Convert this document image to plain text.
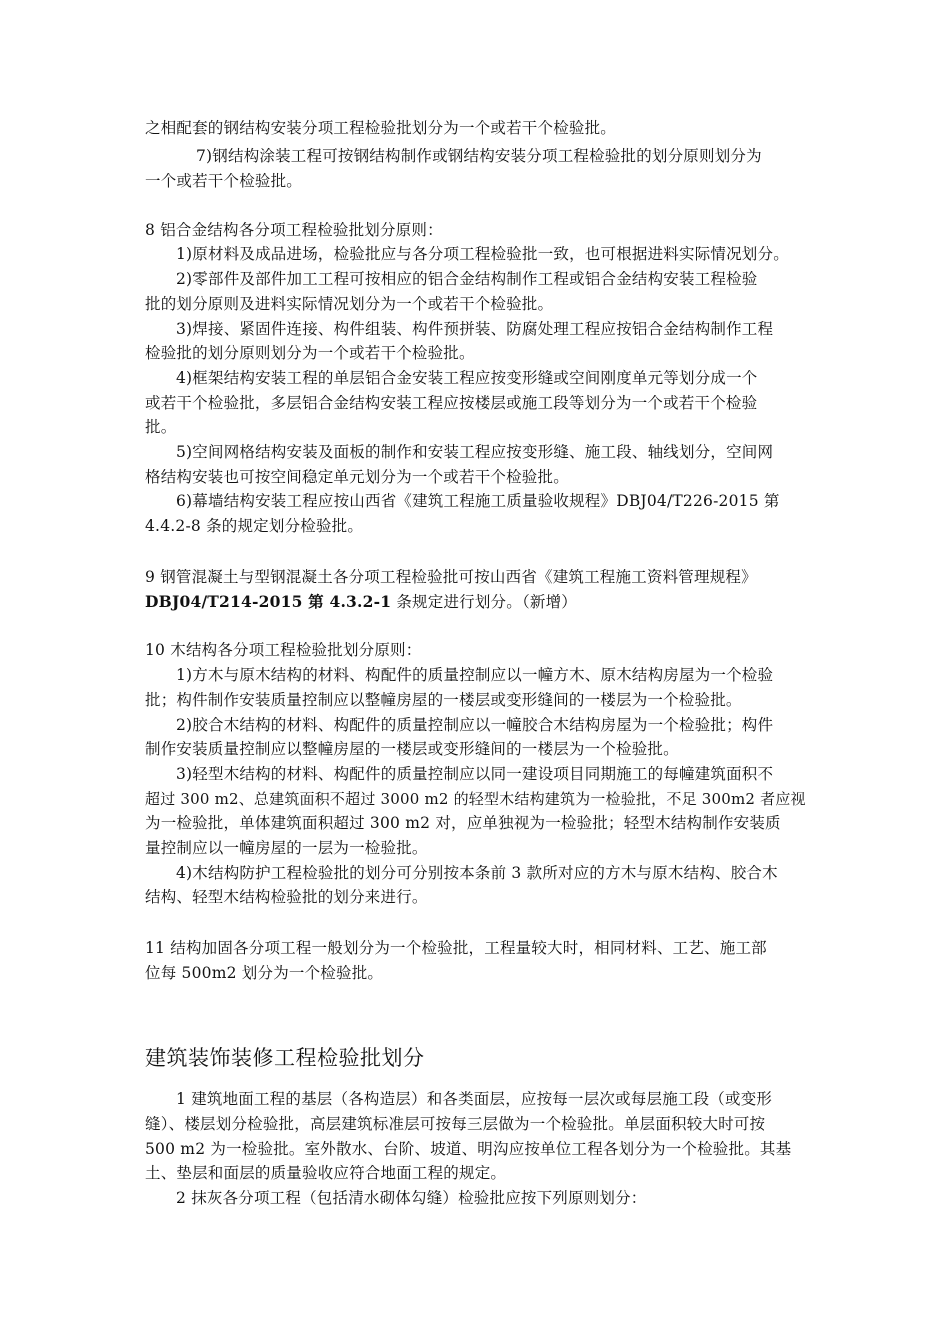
之相配套的钢结构安装分项工程检验批划分为一个或若干个检验批。
7)钢结构涂装工程可按钢结构制作或钢结构安装分项工程检验批的划分原则划分为
一个或若干个检验批。
8 铝合金结构各分项工程检验批划分原则：
1)原材料及成品进场，检验批应与各分项工程检验批一致，也可根据进料实际情况划分。
2)零部件及部件加工工程可按相应的铝合金结构制作工程或铝合金结构安装工程检验
批的划分原则及进料实际情况划分为一个或若干个检验批。
3)焊接、紧固件连接、构件组装、构件预拼装、防腐处理工程应按铝合金结构制作工程
检验批的划分原则划分为一个或若干个检验批。
4)框架结构安装工程的单层铝合金安装工程应按变形缝或空间刚度单元等划分成一个
或若干个检验批，多层铝合金结构安装工程应按楼层或施工段等划分为一个或若干个检验
批。
5)空间网格结构安装及面板的制作和安装工程应按变形缝、施工段、轴线划分，空间网
格结构安装也可按空间稳定单元划分为一个或若干个检验批。
6)幕墙结构安装工程应按山西省《建筑工程施工质量验收规程》DBJ04/T226-2015 第
4.4.2-8 条的规定划分检验批。
9 钢管混凝土与型钢混凝土各分项工程检验批可按山西省《建筑工程施工资料管理规程》
DBJ04/T214-2015 第 4.3.2-1 条规定进行划分。（新增）
10 木结构各分项工程检验批划分原则：
1)方木与原木结构的材料、构配件的质量控制应以一幢方木、原木结构房屋为一个检验
批；构件制作安装质量控制应以整幢房屋的一楼层或变形缝间的一楼层为一个检验批。
2)胶合木结构的材料、构配件的质量控制应以一幢胶合木结构房屋为一个检验批；构件
制作安装质量控制应以整幢房屋的一楼层或变形缝间的一楼层为一个检验批。
3)轻型木结构的材料、构配件的质量控制应以同一建设项目同期施工的每幢建筑面积不
超过 300 m2、总建筑面积不超过 3000 m2 的轻型木结构建筑为一检验批，不足 300m2 者应视
为一检验批，单体建筑面积超过 300 m2 对，应单独视为一检验批；轻型木结构制作安装质
量控制应以一幢房屋的一层为一检验批。
4)木结构防护工程检验批的划分可分别按本条前 3 款所对应的方木与原木结构、胶合木
结构、轻型木结构检验批的划分来进行。
11 结构加固各分项工程一般划分为一个检验批，工程量较大时，相同材料、工艺、施工部
位每 500m2 划分为一个检验批。
建筑装饰装修工程检验批划分
1 建筑地面工程的基层（各构造层）和各类面层，应按每一层次或每层施工段（或变形
缝）、楼层划分检验批，高层建筑标准层可按每三层做为一个检验批。单层面积较大时可按
500 m2 为一检验批。室外散水、台阶、坡道、明沟应按单位工程各划分为一个检验批。其基
土、垫层和面层的质量验收应符合地面工程的规定。
2 抹灰各分项工程（包括清水砌体勾缝）检验批应按下列原则划分：
